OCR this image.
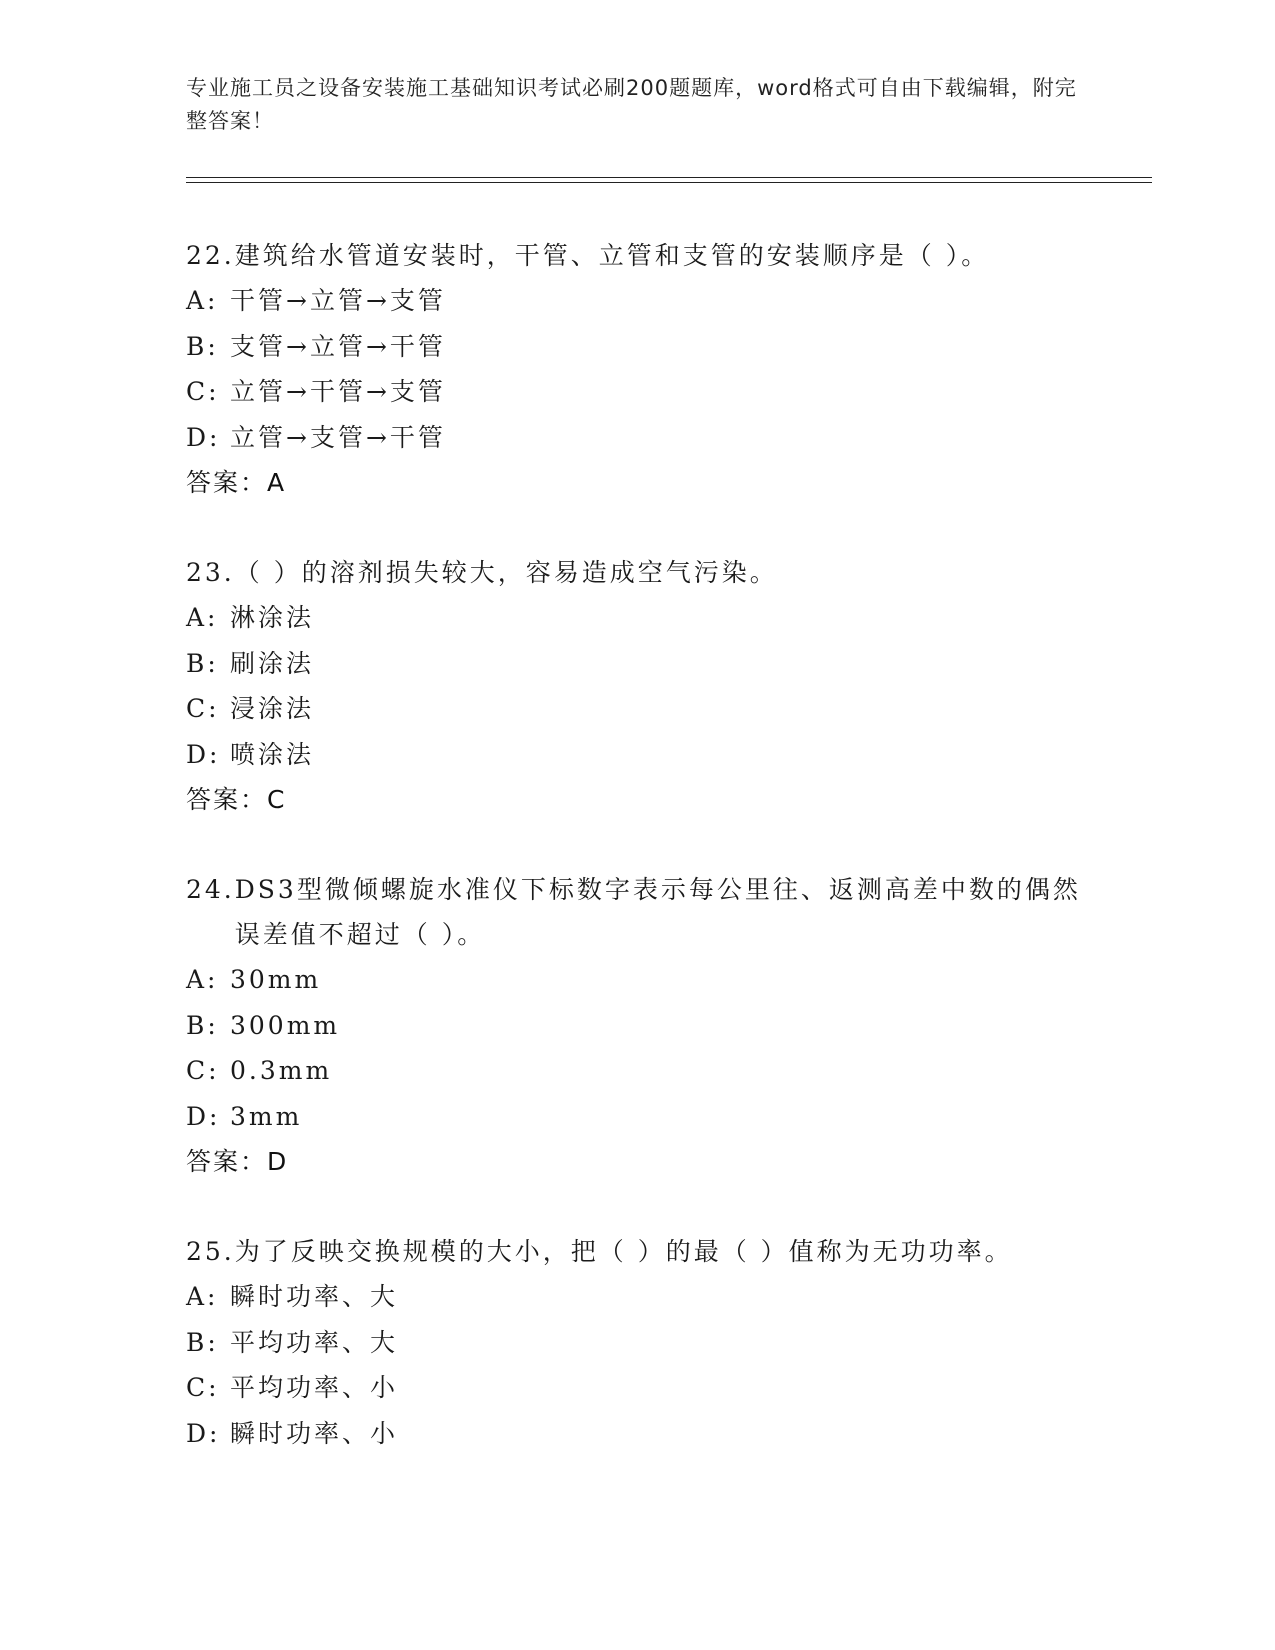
专业施工员之设备安装施工基础知识考试必刷200题题库，word格式可自由下载编辑，附完整答案！
22. 建筑给水管道安装时，干管、立管和支管的安装顺序是（ ）。
A: 干管→立管→支管
B: 支管→立管→干管
C: 立管→干管→支管
D: 立管→支管→干管
答案：A
23. （ ）的溶剂损失较大，容易造成空气污染。
A: 淋涂法
B: 刷涂法
C: 浸涂法
D: 喷涂法
答案：C
24. DS3型微倾螺旋水准仪下标数字表示每公里往、返测高差中数的偶然误差值不超过（ ）。
A: 30mm
B: 300mm
C: 0.3mm
D: 3mm
答案：D
25. 为了反映交换规模的大小，把（ ）的最（ ）值称为无功功率。
A: 瞬时功率、大
B: 平均功率、大
C: 平均功率、小
D: 瞬时功率、小
